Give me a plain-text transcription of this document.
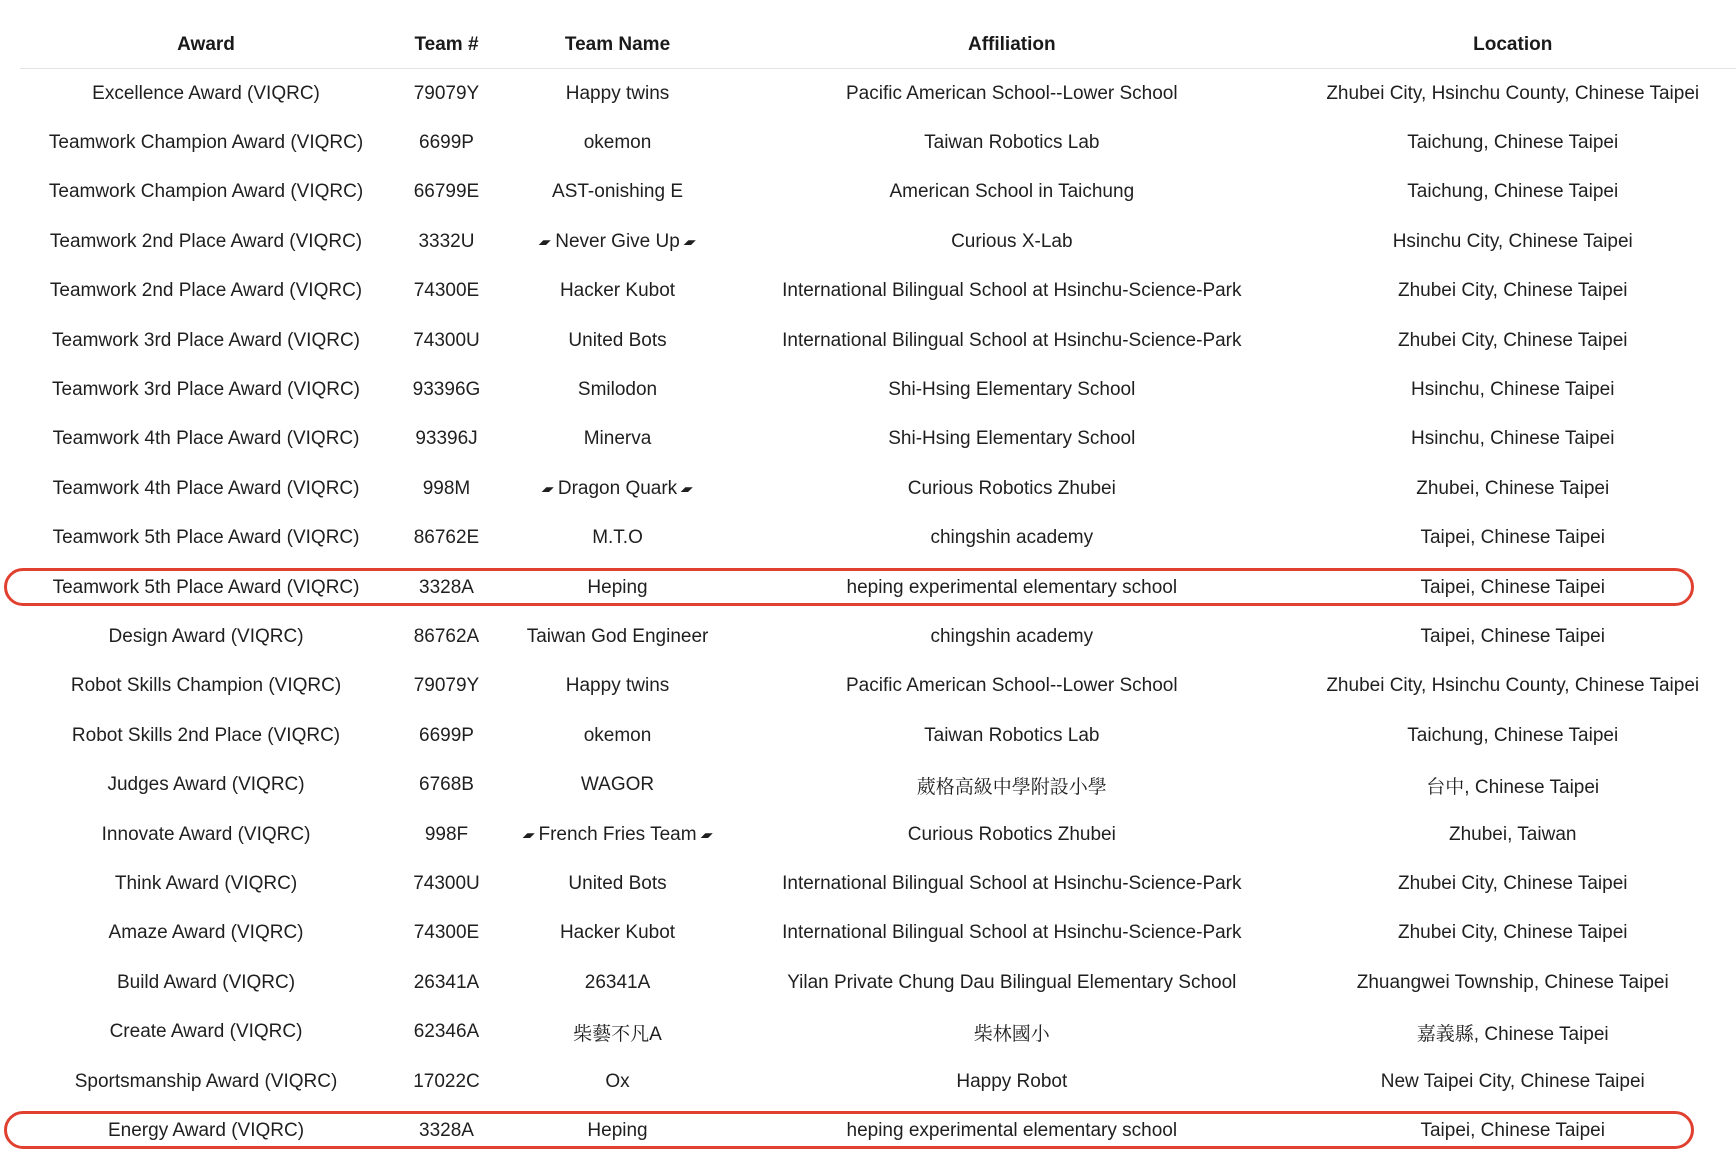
Award	Team #	Team Name	Affiliation	Location
Excellence Award (VIQRC)	79079Y	Happy twins	Pacific American School--Lower School	Zhubei City, Hsinchu County, Chinese Taipei
Teamwork Champion Award (VIQRC)	6699P	okemon	Taiwan Robotics Lab	Taichung, Chinese Taipei
Teamwork Champion Award (VIQRC)	66799E	AST-onishing E	American School in Taichung	Taichung, Chinese Taipei
Teamwork 2nd Place Award (VIQRC)	3332U	▰Never Give Up ▰	Curious X-Lab	Hsinchu City, Chinese Taipei
Teamwork 2nd Place Award (VIQRC)	74300E	Hacker Kubot	International Bilingual School at Hsinchu-Science-Park	Zhubei City, Chinese Taipei
Teamwork 3rd Place Award (VIQRC)	74300U	United Bots	International Bilingual School at Hsinchu-Science-Park	Zhubei City, Chinese Taipei
Teamwork 3rd Place Award (VIQRC)	93396G	Smilodon	Shi-Hsing Elementary School	Hsinchu, Chinese Taipei
Teamwork 4th Place Award (VIQRC)	93396J	Minerva	Shi-Hsing Elementary School	Hsinchu, Chinese Taipei
Teamwork 4th Place Award (VIQRC)	998M	▰Dragon Quark ▰	Curious Robotics Zhubei	Zhubei, Chinese Taipei
Teamwork 5th Place Award (VIQRC)	86762E	M.T.O	chingshin academy	Taipei, Chinese Taipei
Teamwork 5th Place Award (VIQRC)	3328A	Heping	heping experimental elementary school	Taipei, Chinese Taipei
Design Award (VIQRC)	86762A	Taiwan God Engineer	chingshin academy	Taipei, Chinese Taipei
Robot Skills Champion (VIQRC)	79079Y	Happy twins	Pacific American School--Lower School	Zhubei City, Hsinchu County, Chinese Taipei
Robot Skills 2nd Place (VIQRC)	6699P	okemon	Taiwan Robotics Lab	Taichung, Chinese Taipei
Judges Award (VIQRC)	6768B	WAGOR	葳格高級中學附設小學	台中, Chinese Taipei
Innovate Award (VIQRC)	998F	▰French Fries Team ▰	Curious Robotics Zhubei	Zhubei, Taiwan
Think Award (VIQRC)	74300U	United Bots	International Bilingual School at Hsinchu-Science-Park	Zhubei City, Chinese Taipei
Amaze Award (VIQRC)	74300E	Hacker Kubot	International Bilingual School at Hsinchu-Science-Park	Zhubei City, Chinese Taipei
Build Award (VIQRC)	26341A	26341A	Yilan Private Chung Dau Bilingual Elementary School	Zhuangwei Township, Chinese Taipei
Create Award (VIQRC)	62346A	柴藝不凡A	柴林國小	嘉義縣, Chinese Taipei
Sportsmanship Award (VIQRC)	17022C	Ox	Happy Robot	New Taipei City, Chinese Taipei
Energy Award (VIQRC)	3328A	Heping	heping experimental elementary school	Taipei, Chinese Taipei
